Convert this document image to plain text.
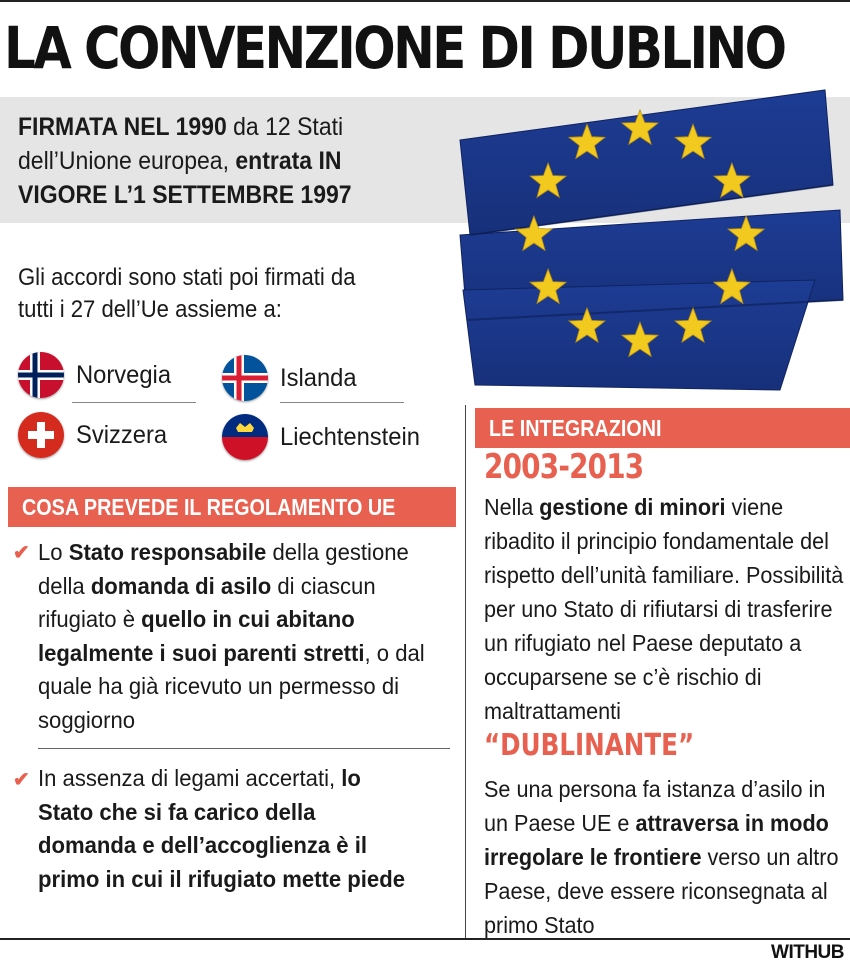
LA CONVENZIONE DI DUBLINO
FIRMATA NEL 1990 da 12 Stati dell’Unione europea, entrata IN VIGORE L’1 SETTEMBRE 1997
Gli accordi sono stati poi firmati da tutti i 27 dell’Ue assieme a:
Norvegia	Islanda
Svizzera	Liechtenstein
COSA PREVEDE IL REGOLAMENTO UE
✔ Lo Stato responsabile della gestione della domanda di asilo di ciascun rifugiato è quello in cui abitano legalmente i suoi parenti stretti, o dal quale ha già ricevuto un permesso di soggiorno
✔ In assenza di legami accertati, lo Stato che si fa carico della domanda e dell’accoglienza è il primo in cui il rifugiato mette piede
LE INTEGRAZIONI
2003-2013
Nella gestione di minori viene ribadito il principio fondamentale del rispetto dell’unità familiare. Possibilità per uno Stato di rifiutarsi di trasferire un rifugiato nel Paese deputato a occuparsene se c’è rischio di maltrattamenti
“DUBLINANTE”
Se una persona fa istanza d’asilo in un Paese UE e attraversa in modo irregolare le frontiere verso un altro Paese, deve essere riconsegnata al primo Stato
WITHUB
